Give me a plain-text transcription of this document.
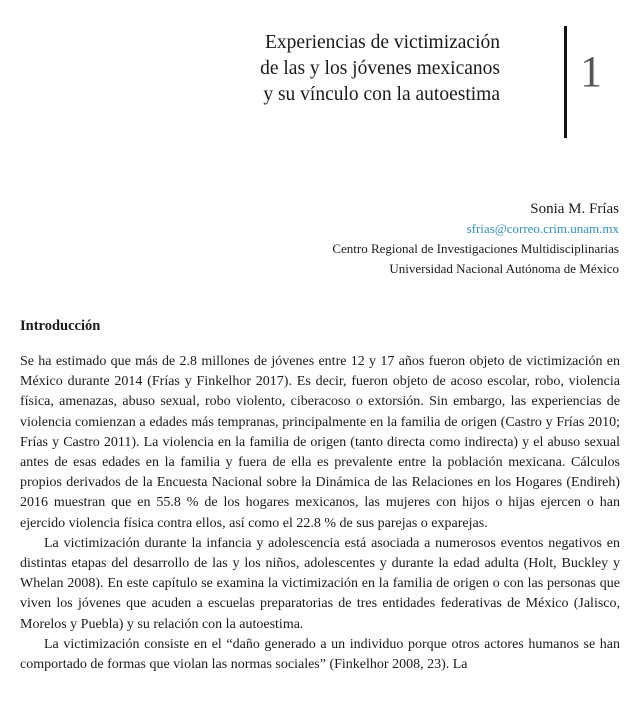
Experiencias de victimización
de las y los jóvenes mexicanos
y su vínculo con la autoestima 1
Sonia M. Frías
sfrias@correo.crim.unam.mx
Centro Regional de Investigaciones Multidisciplinarias
Universidad Nacional Autónoma de México
Introducción

Se ha estimado que más de 2.8 millones de jóvenes entre 12 y 17 años fueron objeto de victimización en México durante 2014 (Frías y Finkelhor 2017). Es decir, fueron objeto de acoso escolar, robo, violencia física, amenazas, abuso sexual, robo violento, ciberacoso o extorsión. Sin embargo, las experiencias de violencia comienzan a edades más tempranas, principalmente en la familia de origen (Castro y Frías 2010; Frías y Castro 2011). La violencia en la familia de origen (tanto directa como indirecta) y el abuso sexual antes de esas edades en la familia y fuera de ella es prevalente entre la población mexicana. Cálculos propios derivados de la Encuesta Nacional sobre la Dinámica de las Relaciones en los Hogares (Endireh) 2016 muestran que en 55.8 % de los hogares mexicanos, las mujeres con hijos o hijas ejercen o han ejercido violencia física contra ellos, así como el 22.8 % de sus parejas o exparejas.

La victimización durante la infancia y adolescencia está asociada a numerosos eventos negativos en distintas etapas del desarrollo de las y los niños, adolescentes y durante la edad adulta (Holt, Buckley y Whelan 2008). En este capítulo se examina la victimización en la familia de origen o con las personas que viven los jóvenes que acuden a escuelas preparatorias de tres entidades federativas de México (Jalisco, Morelos y Puebla) y su relación con la autoestima.

La victimización consiste en el “daño generado a un individuo porque otros actores humanos se han comportado de formas que violan las normas sociales” (Finkelhor 2008, 23). La
